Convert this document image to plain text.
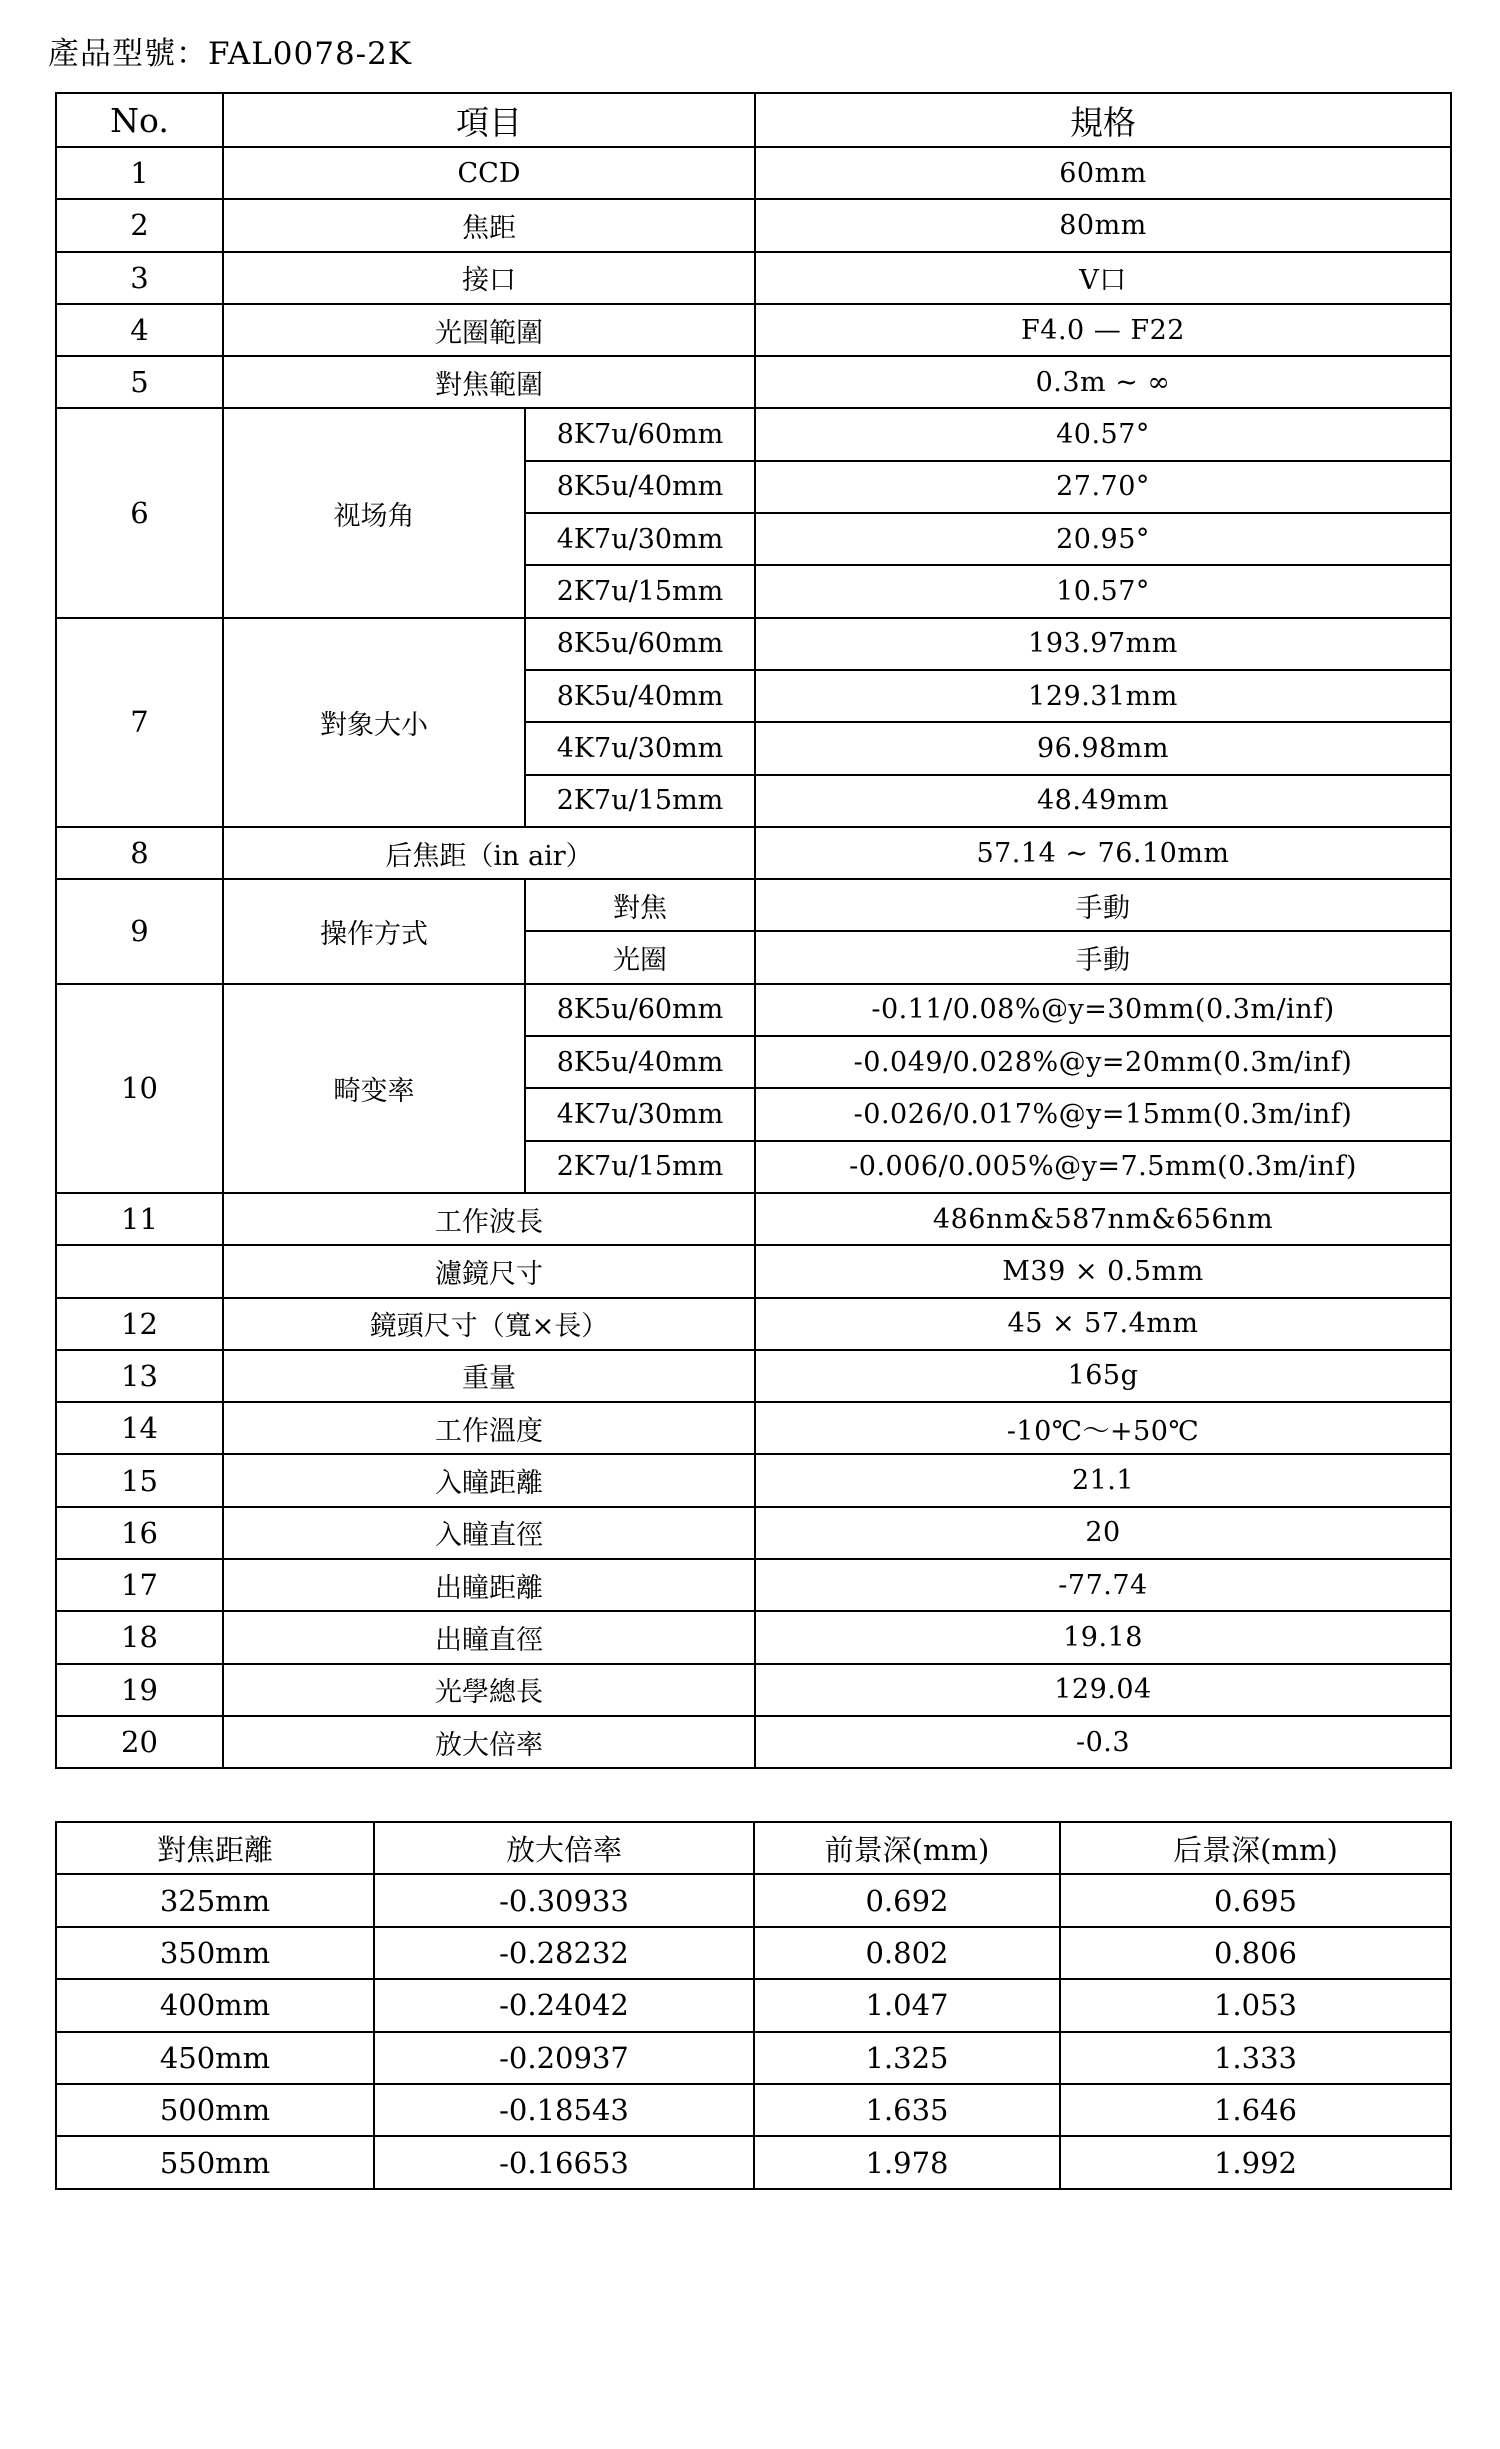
產品型號：FAL0078-2K
No.	項目		規格
1	CCD		60mm
2	焦距		80mm
3	接口		V口
4	光圈範圍		F4.0 — F22
5	對焦範圍		0.3m ~ ∞
6	视场角	8K7u/60mm	40.57°
		8K5u/40mm	27.70°
		4K7u/30mm	20.95°
		2K7u/15mm	10.57°
7	對象大小	8K5u/60mm	193.97mm
		8K5u/40mm	129.31mm
		4K7u/30mm	96.98mm
		2K7u/15mm	48.49mm
8	后焦距（in air）		57.14 ~ 76.10mm
9	操作方式	對焦	手動
		光圈	手動
10	畸变率	8K5u/60mm	-0.11/0.08%@y=30mm(0.3m/inf)
		8K5u/40mm	-0.049/0.028%@y=20mm(0.3m/inf)
		4K7u/30mm	-0.026/0.017%@y=15mm(0.3m/inf)
		2K7u/15mm	-0.006/0.005%@y=7.5mm(0.3m/inf)
11	工作波長		486nm&587nm&656nm
	濾鏡尺寸		M39 × 0.5mm
12	鏡頭尺寸（寬×長）		45 × 57.4mm
13	重量		165g
14	工作溫度		-10℃～+50℃
15	入瞳距離		21.1
16	入瞳直徑		20
17	出瞳距離		-77.74
18	出瞳直徑		19.18
19	光學總長		129.04
20	放大倍率		-0.3
對焦距離	放大倍率	前景深(mm)	后景深(mm)
325mm	-0.30933	0.692	0.695
350mm	-0.28232	0.802	0.806
400mm	-0.24042	1.047	1.053
450mm	-0.20937	1.325	1.333
500mm	-0.18543	1.635	1.646
550mm	-0.16653	1.978	1.992
